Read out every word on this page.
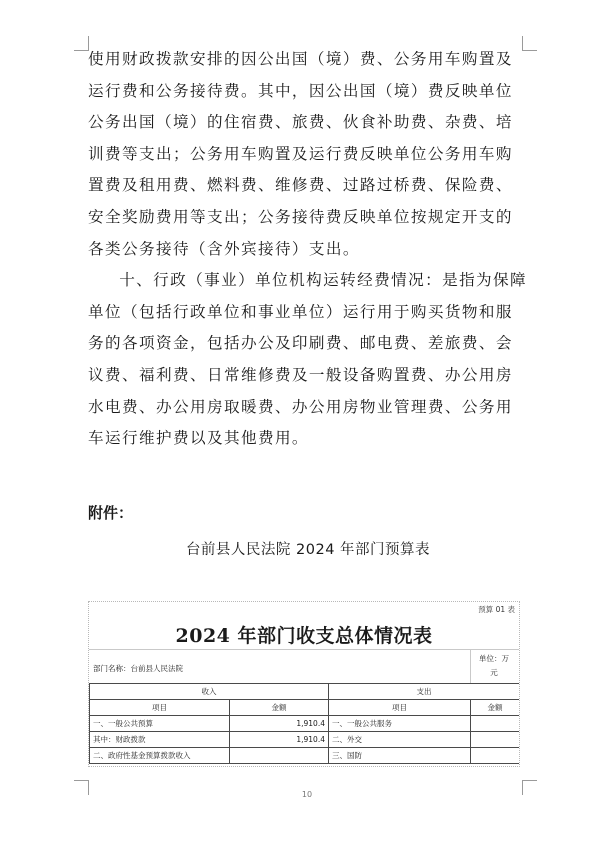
使用财政拨款安排的因公出国（境）费、公务用车购置及运行费和公务接待费。其中，因公出国（境）费反映单位公务出国（境）的住宿费、旅费、伙食补助费、杂费、培训费等支出；公务用车购置及运行费反映单位公务用车购置费及租用费、燃料费、维修费、过路过桥费、保险费、安全奖励费用等支出；公务接待费反映单位按规定开支的各类公务接待（含外宾接待）支出。

十、行政（事业）单位机构运转经费情况：是指为保障单位（包括行政单位和事业单位）运行用于购买货物和服务的各项资金，包括办公及印刷费、邮电费、差旅费、会议费、福利费、日常维修费及一般设备购置费、办公用房水电费、办公用房取暖费、办公用房物业管理费、公务用车运行维护费以及其他费用。

附件：
台前县人民法院 2024 年部门预算表
预算 01 表
2024 年部门收支总体情况表
部门名称：台前县人民法院
单位：万
元
收入		支出	
项目	金额	项目	金额
一、一般公共预算	1,910.4	一、一般公共服务	
其中：财政拨款	1,910.4	二、外交	
二、政府性基金预算拨款收入		三、国防	
10
